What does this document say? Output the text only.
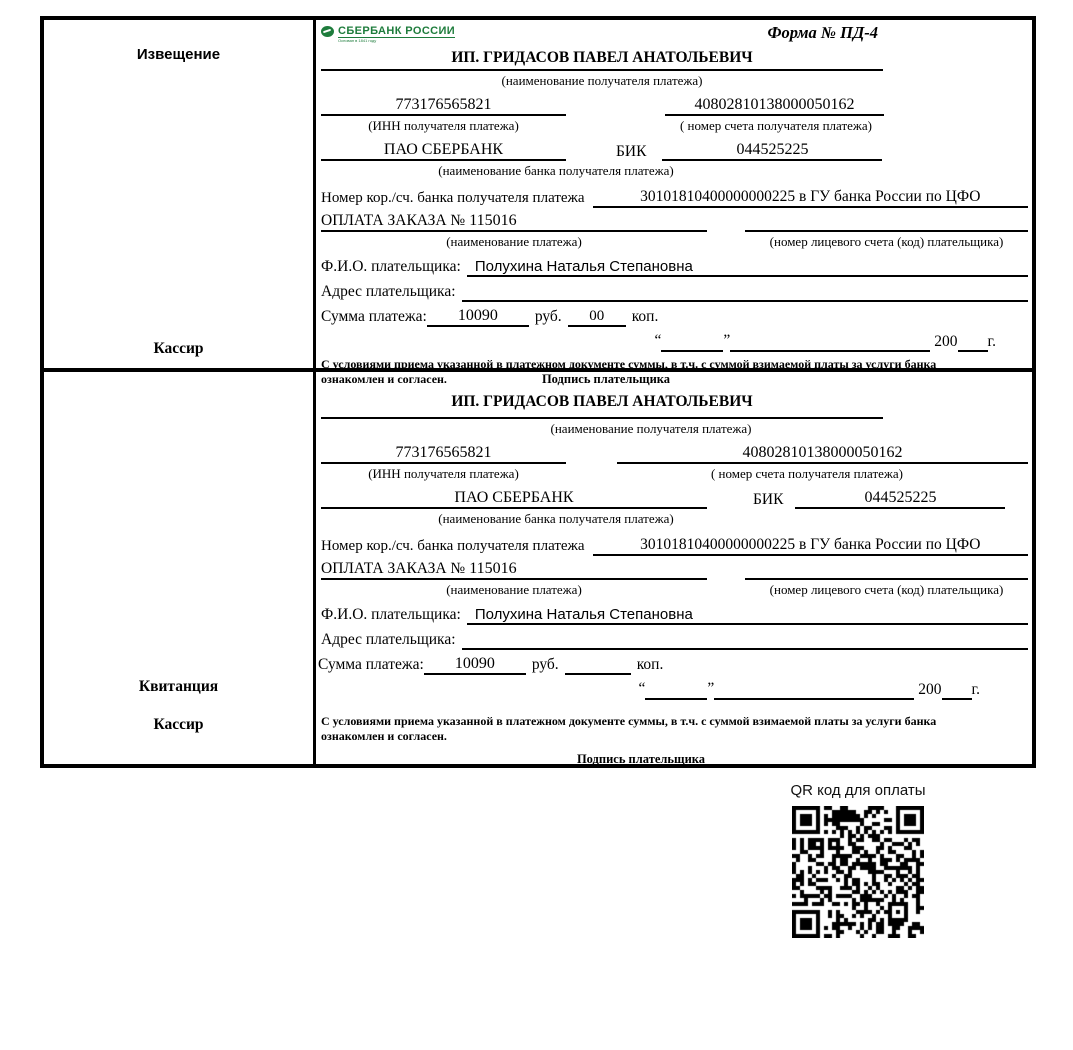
Извещение
Кассир
СБЕРБАНК РОССИИ
Основан в 1841 году	Форма № ПД-4
ИП. ГРИДАСОВ ПАВЕЛ АНАТОЛЬЕВИЧ
(наименование получателя платежа)
773176565821	40802810138000050162
(ИНН получателя платежа)	( номер счета получателя платежа)
ПАО СБЕРБАНК	БИК	044525225
(наименование банка получателя платежа)
Номер кор./сч. банка получателя платежа	30101810400000000225 в ГУ банка России по ЦФО
ОПЛАТА ЗАКАЗА № 115016
(наименование платежа)	(номер лицевого счета (код) плательщика)
Ф.И.О. плательщика: Полухина Наталья Степановна
Адрес плательщика:
Сумма платежа:	10090	руб.	00	коп.
“	”	200 г.
С условиями приема указанной в платежном документе суммы, в т.ч. с суммой взимаемой платы за услуги банка
ознакомлен и согласен.	Подпись плательщика
Квитанция
Кассир
ИП. ГРИДАСОВ ПАВЕЛ АНАТОЛЬЕВИЧ
(наименование получателя платежа)
773176565821	40802810138000050162
(ИНН получателя платежа)	( номер счета получателя платежа)
ПАО СБЕРБАНК	БИК	044525225
(наименование банка получателя платежа)
Номер кор./сч. банка получателя платежа	30101810400000000225 в ГУ банка России по ЦФО
ОПЛАТА ЗАКАЗА № 115016
(наименование платежа)	(номер лицевого счета (код) плательщика)
Ф.И.О. плательщика: Полухина Наталья Степановна
Адрес плательщика:
Сумма платежа:	10090	руб.	коп.
“	”	200 г.
С условиями приема указанной в платежном документе суммы, в т.ч. с суммой взимаемой платы за услуги банка
ознакомлен и согласен.
Подпись плательщика
QR код для оплаты
